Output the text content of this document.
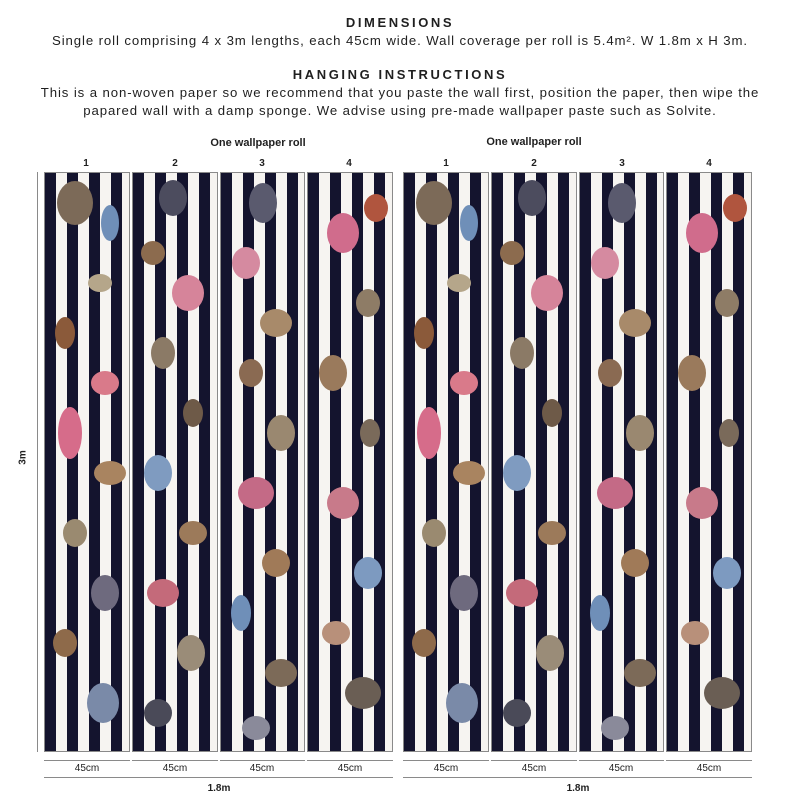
DIMENSIONS
Single roll comprising 4 x 3m lengths, each 45cm wide. Wall coverage per roll is 5.4m². W 1.8m x H 3m.
HANGING INSTRUCTIONS
This is a non-woven paper so we recommend that you paste the wall first, position the paper, then wipe the papared wall with a damp sponge. We advise using pre-made wallpaper paste such as Solvite.
One wallpaper roll	One wallpaper roll
1	2	3	4	1	2	3	4
3m
45cm	45cm	45cm	45cm	45cm	45cm	45cm	45cm
1.8m	1.8m
